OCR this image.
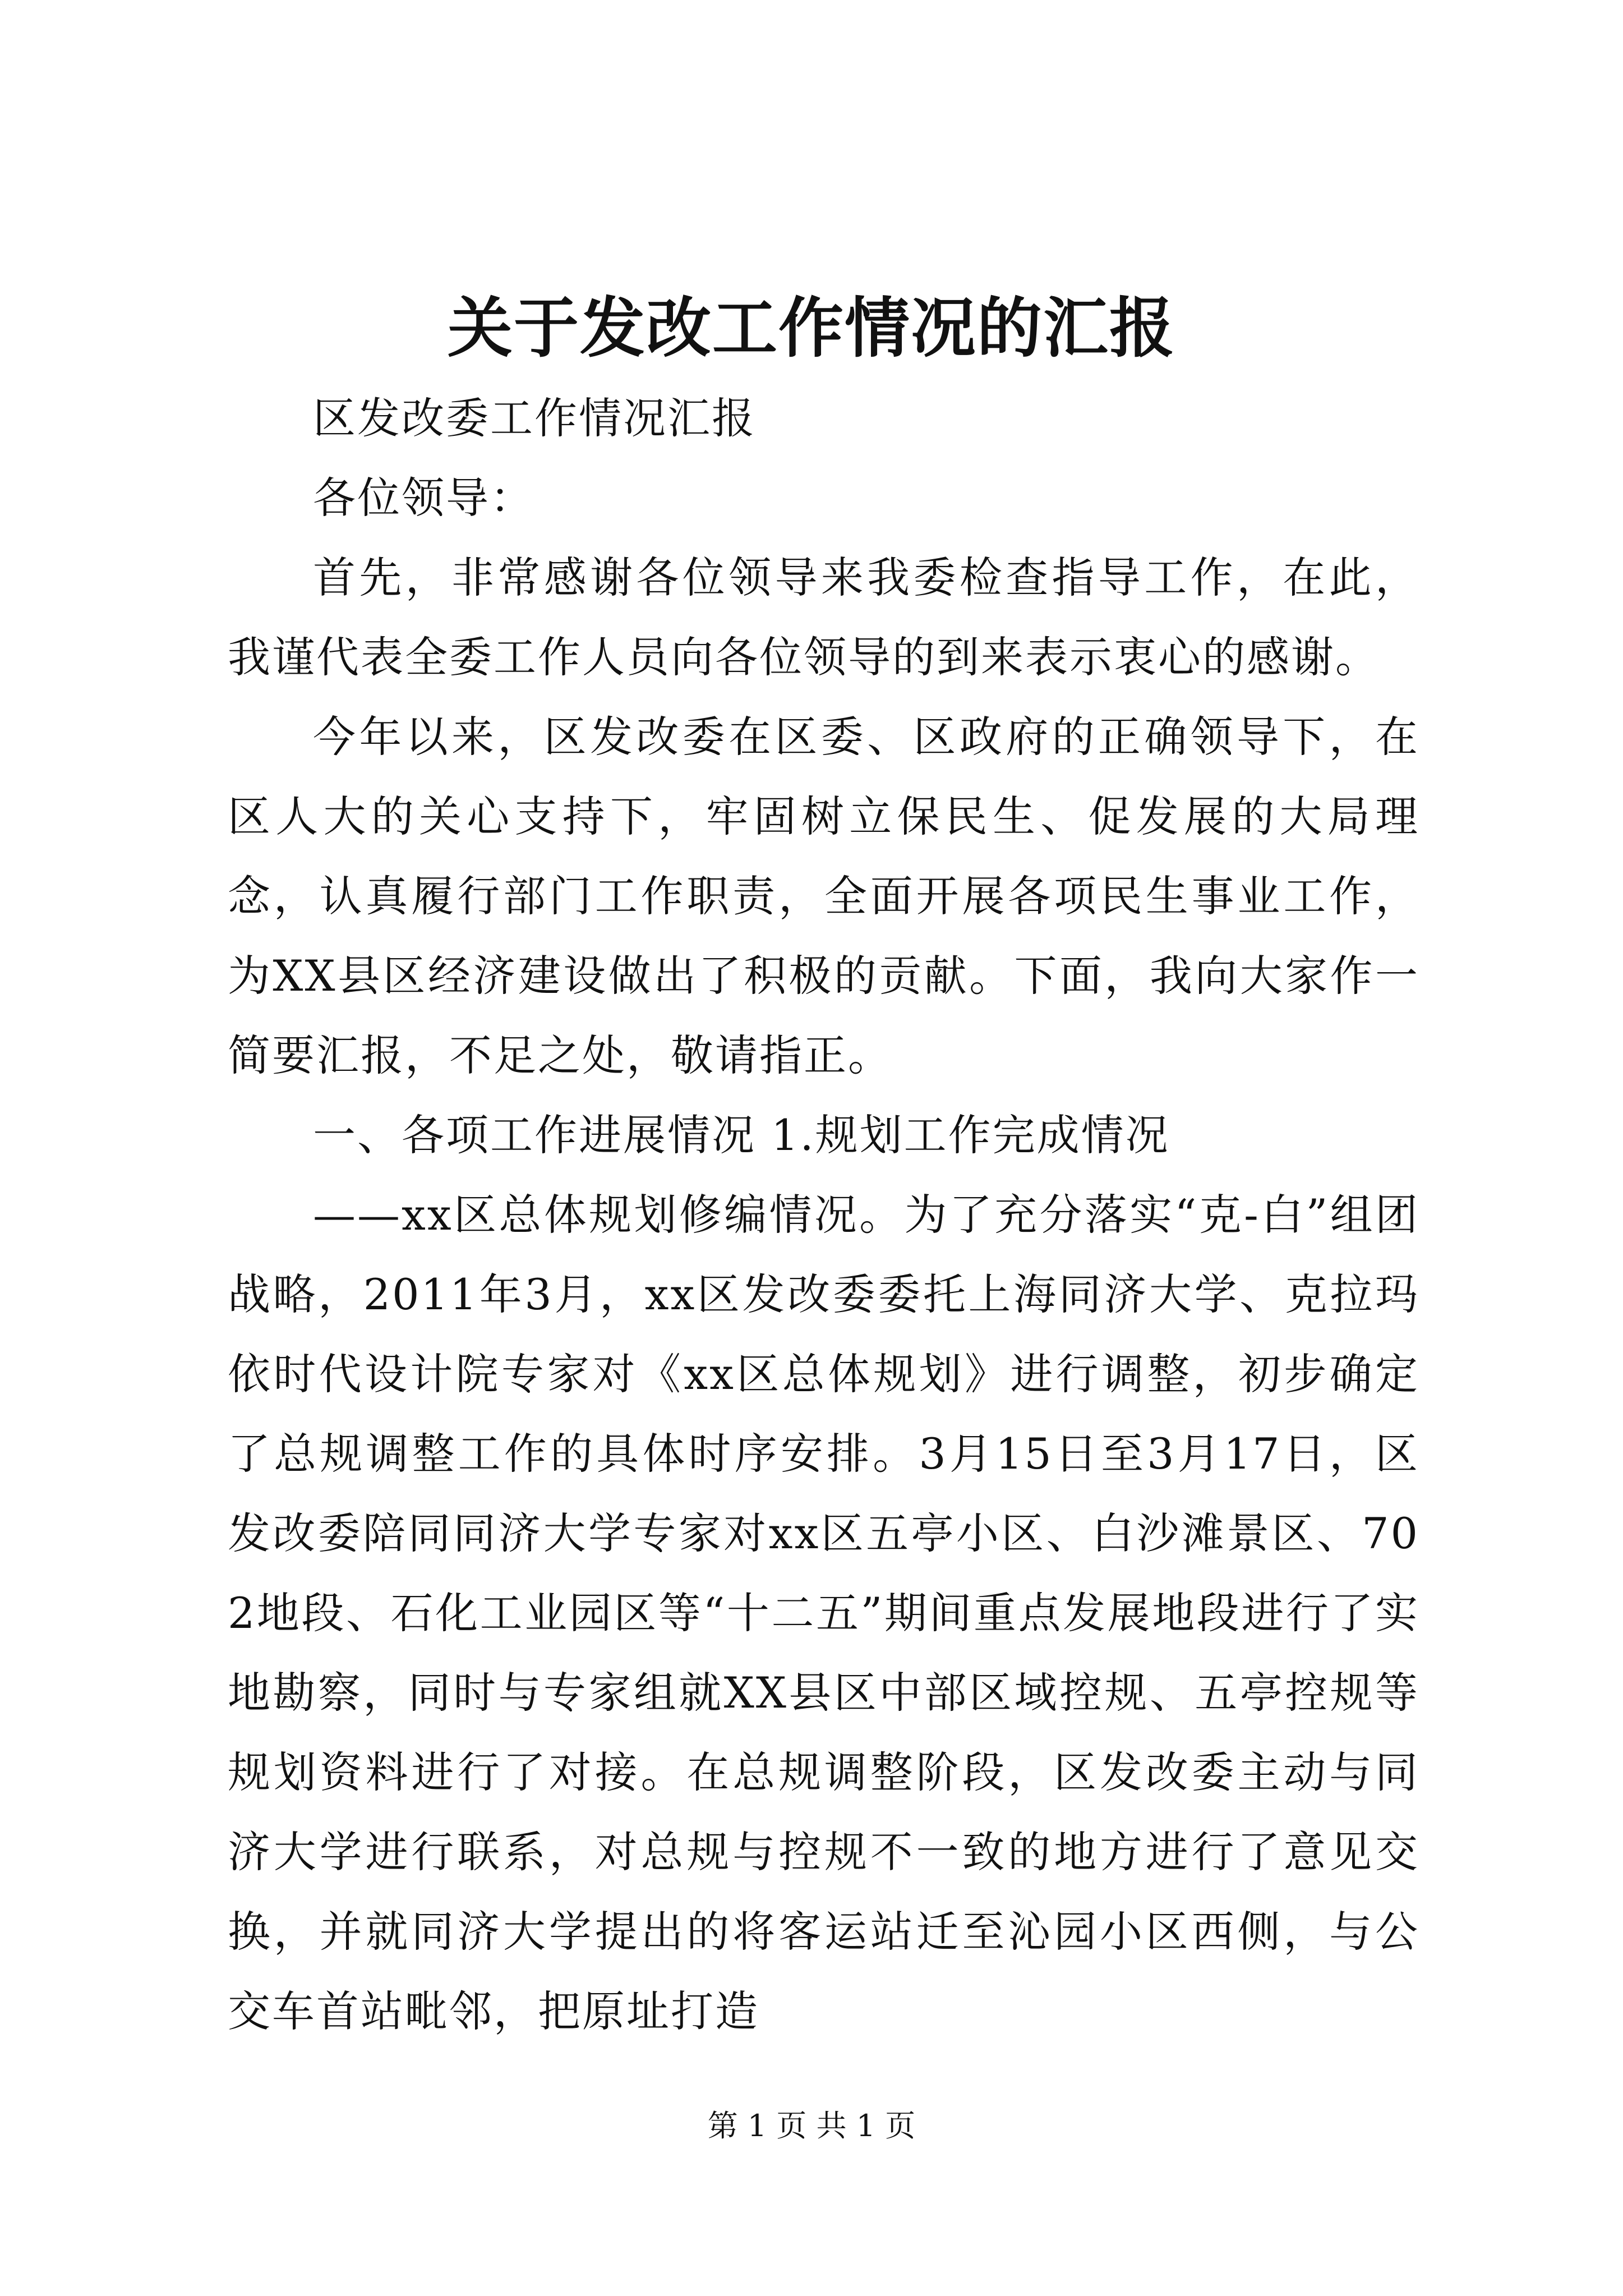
关于发改工作情况的汇报

区发改委工作情况汇报

各位领导：

首先，非常感谢各位领导来我委检查指导工作，在此，我谨代表全委工作人员向各位领导的到来表示衷心的感谢。

今年以来，区发改委在区委、区政府的正确领导下，在区人大的关心支持下，牢固树立保民生、促发展的大局理念，认真履行部门工作职责，全面开展各项民生事业工作，为XX县区经济建设做出了积极的贡献。下面，我向大家作一简要汇报，不足之处，敬请指正。

一、各项工作进展情况 1.规划工作完成情况

——xx区总体规划修编情况。为了充分落实“克-白”组团战略，2011年3月，xx区发改委委托上海同济大学、克拉玛依时代设计院专家对《xx区总体规划》进行调整，初步确定了总规调整工作的具体时序安排。3月15日至3月17日，区发改委陪同同济大学专家对xx区五亭小区、白沙滩景区、702地段、石化工业园区等“十二五”期间重点发展地段进行了实地勘察，同时与专家组就XX县区中部区域控规、五亭控规等规划资料进行了对接。在总规调整阶段，区发改委主动与同济大学进行联系，对总规与控规不一致的地方进行了意见交换，并就同济大学提出的将客运站迁至沁园小区西侧，与公交车首站毗邻，把原址打造

第 1 页 共 1 页
